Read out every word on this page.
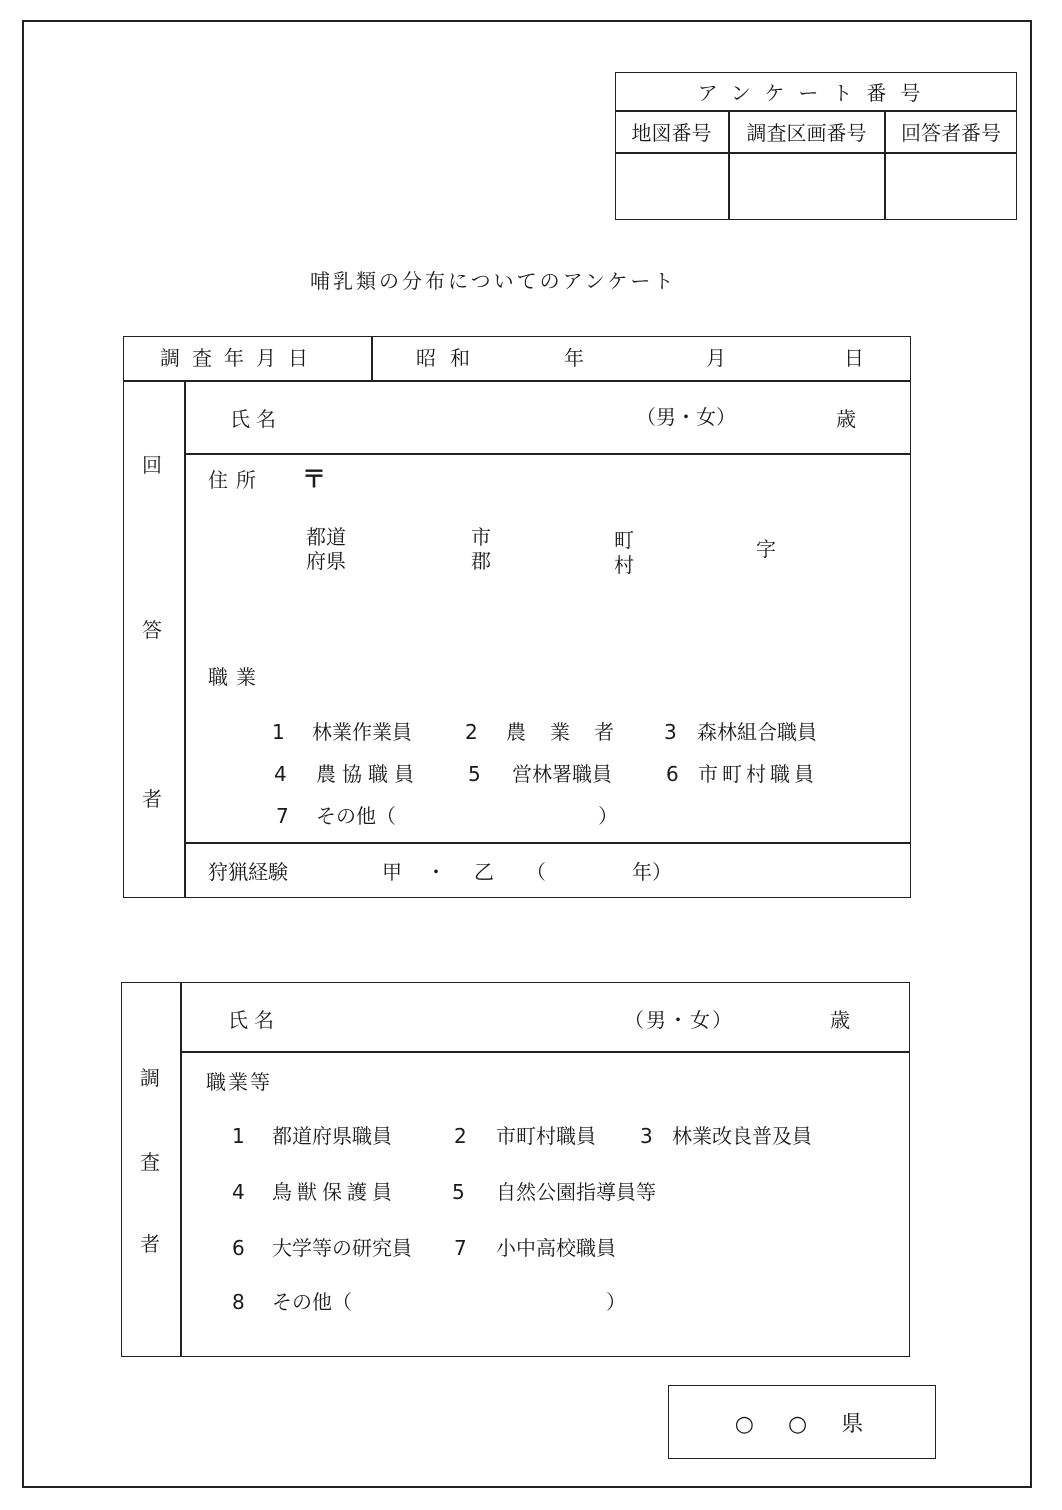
アンケート番号
地図番号	調査区画番号	回答者番号
哺乳類の分布についてのアンケート
調査年月日	昭和	年	月	日
回
答
者
氏名	（男・女）	歳
住所 〒
都道
府県
市
郡
町
村
字
職業
1 林業作業員	2 農　業　者 3 森林組合職員
4 農協職員 5 営林署職員	6 市町村職員
7 その他（	）
狩猟経験	甲 ・ 乙 （	年）
調
査
者
氏名	（男・女）	歳
職業等
1 都道府県職員	2 市町村職員 3 林業改良普及員
4 鳥獣保護員	5 自然公園指導員等
6 大学等の研究員 7 小中高校職員
8 その他（	）
○　○　県
